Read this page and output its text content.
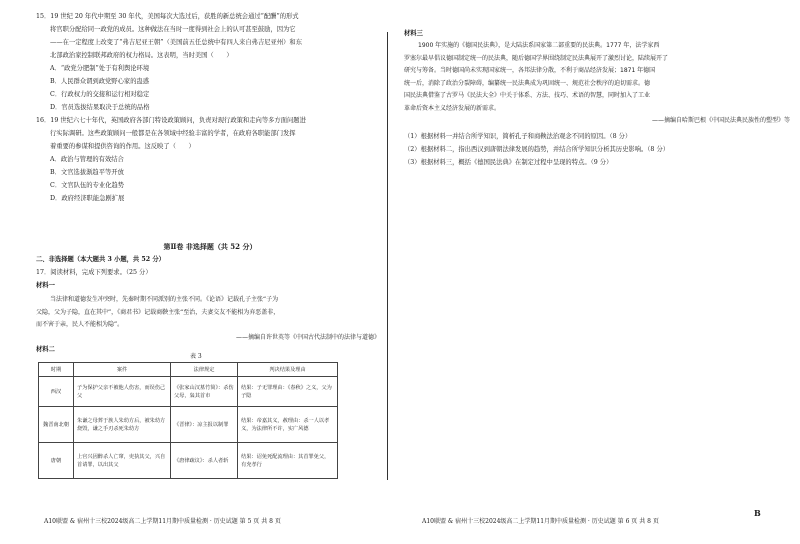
15．19 世纪 20 年代中期至 30 年代，美国每次大选过后，获胜的新总统会通过“配酬”的形式

将官职分配给同一政党的成员。这种做法在当时一度得到社会上的认可甚至鼓励，因为它

——在一定程度上改变了“弗吉尼亚王朝”（美国前五任总统中有四人来自弗吉尼亚州）和东

北部政治家控制联邦政府的权力格局。这表明，当时美国（　　）

A．“政党分肥制”处于有利舆论环境

B．人民群众谓到政党野心家的蛊惑

C．行政权力的交接和运行相对稳定

D．官员选拔结果取决于总统的品格

16．19 世纪六七十年代，英国政府各部门特设政策顾问，负责对现行政策和走向等多方面问题进

行实际调研。这些政策顾问一般都是在各领域中经验丰富的学者，在政府各职能部门发挥

着重要的参谋和提供咨询的作用。这反映了（　　）

A．政治与管理的有效结合

B．文官选拔渐趋平等开放

C．文官队伍的专业化趋势

D．政府经济职能急剧扩展

第Ⅱ卷 非选择题（共 52 分）

二、非选择题（本大题共 3 小题，共 52 分）

17．阅读材料，完成下列要求。（25 分）

材料一

当法律和道德发生冲突时，先秦时期不同派别的主张不同。《论语》记载孔子主张“子为

父隐，父为子隐，直在其中”，《商君书》记载商鞅主张“至治，夫妻交友不能相为弃恶盖非，

而不害于亲，民人不能相为隐”。

——摘编自许世英等《中国古代法制中的法律与道德》

材料二

表 3
时期	案件	法律规定	判决结果及理由
西汉	子为保护父亲不被他人伤害，而误伤己父	《张家山汉墓竹简》：杀伤父母，枭其首市	结果：子无罪理由：《春秋》之义，父为子隐
魏晋南北朝	朱谦之母葬于族人朱幼方后，被朱幼方烧毁，谦之手刃杀死朱幼方	《晋律》：凉主报以制罪	结果：帝嘉其义，赦理由：杀一人以孝义，为法律所不许，实广风德
唐朝	上官兴因醉杀人亡窜，吏执其父，兴自首请罪，以出其父	《唐律疏议》：杀人者斩	结果：诏免死配流理由：其首罪免父，有充孝行
A10联盟 & 宿州十三校2024级高二上学期11月期中质量检测 · 历史试题 第 5 页 共 8 页

材料三

1900 年实施的《德国民法典》，是大陆法系国家第二部重要的民法典。1777 年，法学家西

罗塞尔最早倡议德国制定统一的民法典，随后德国学界围绕制定民法典展开了激烈讨论，陆续展开了

研究与筹备。当时德国尚未实现国家统一，各邦法律分散，不利于商品经济发展；1871 年德国

统一后，消除了政治分裂障碍，编纂统一民法典成为巩固统一、规范社会秩序的迫切需求。德

国民法典借鉴了古罗马《民法大全》中关于体系、方法、技巧、术语的智慧，同时加入了工业

革命后资本主义经济发展的新需求。

——摘编自哈斯巴根《中国民法典民族性的塑型》等

（1）根据材料一并结合所学知识，简析孔子和商鞅法治观念不同的原因。（8 分）

（2）根据材料二，指出西汉到唐朝法律发展的趋势，并结合所学知识分析其历史影响。（8 分）

（3）根据材料三，概括《德国民法典》在制定过程中呈现的特点。（9 分）

A10联盟 & 宿州十三校2024级高二上学期11月期中质量检测 · 历史试题 第 6 页 共 8 页
B
